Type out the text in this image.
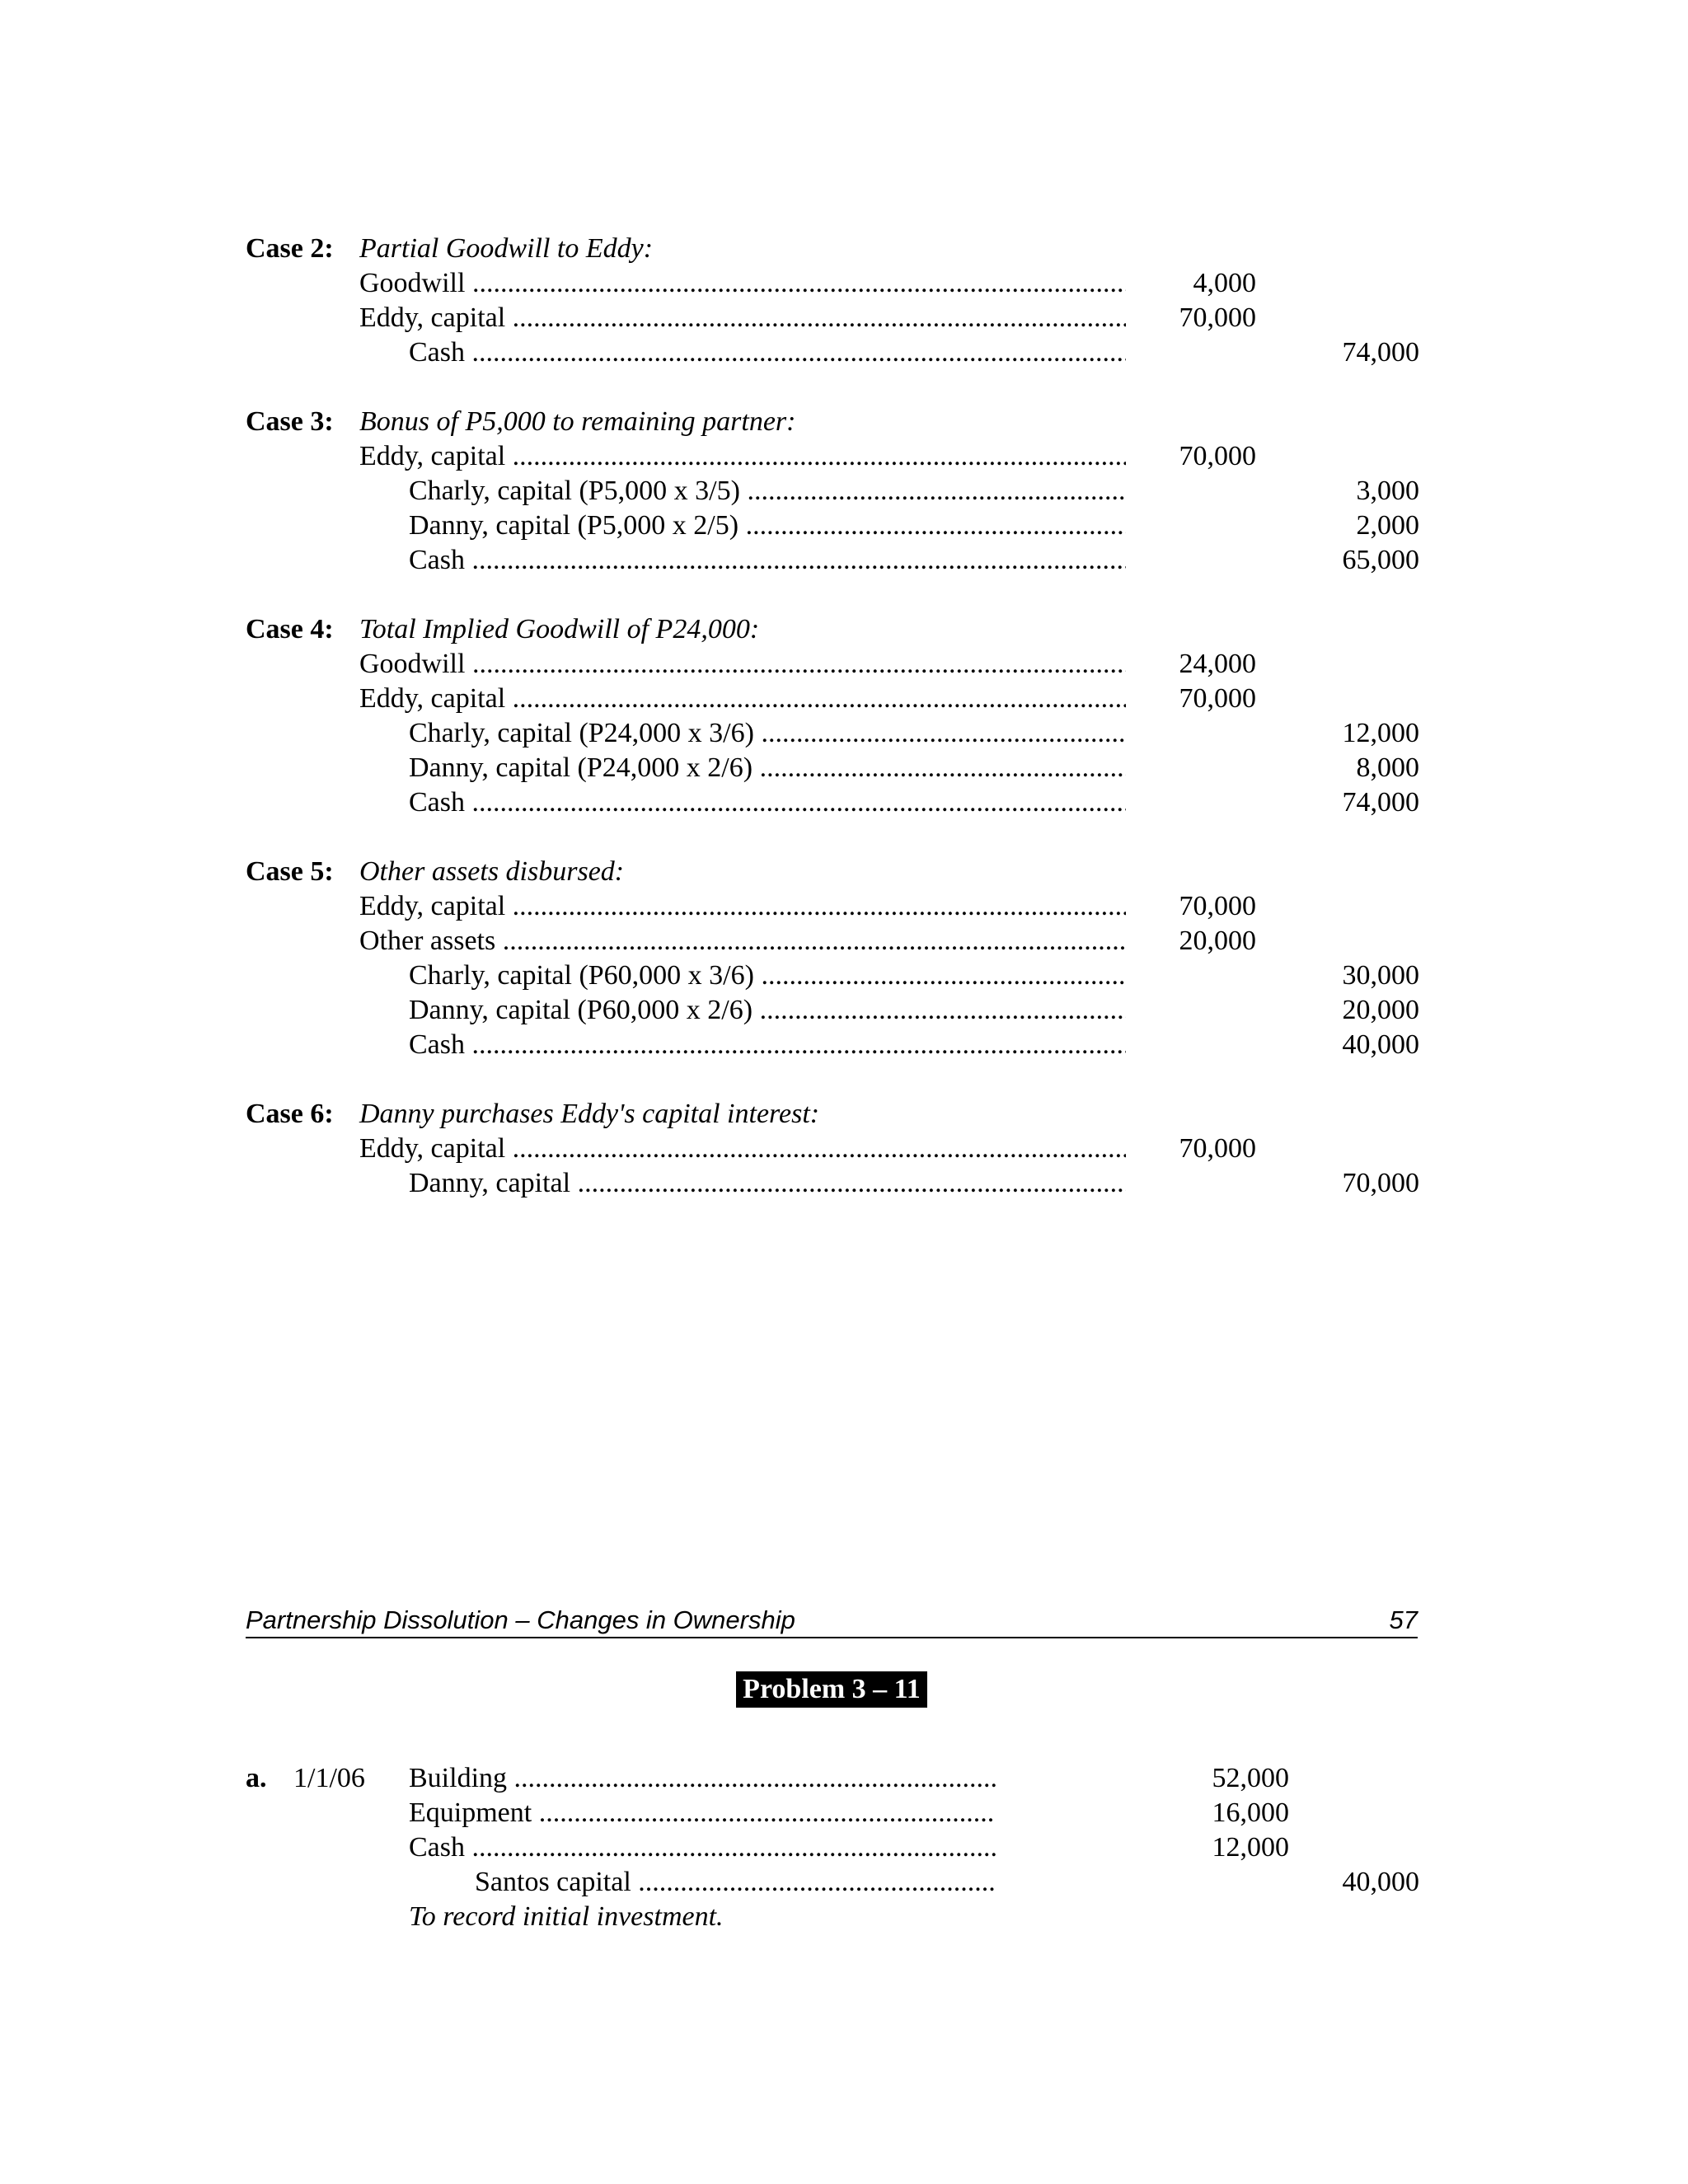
Case 2: Partial Goodwill to Eddy:
Goodwill .....	4,000
Eddy, capital .....	70,000
Cash .....	74,000
Case 3: Bonus of P5,000 to remaining partner:
Eddy, capital .....	70,000
Charly, capital (P5,000 x 3/5) .....	3,000
Danny, capital (P5,000 x 2/5) .....	2,000
Cash .....	65,000
Case 4: Total Implied Goodwill of P24,000:
Goodwill .....	24,000
Eddy, capital .....	70,000
Charly, capital (P24,000 x 3/6) .....	12,000
Danny, capital (P24,000 x 2/6) .....	8,000
Cash .....	74,000
Case 5: Other assets disbursed:
Eddy, capital .....	70,000
Other assets .....	20,000
Charly, capital (P60,000 x 3/6) .....	30,000
Danny, capital (P60,000 x 2/6) .....	20,000
Cash .....	40,000
Case 6: Danny purchases Eddy's capital interest:
Eddy, capital .....	70,000
Danny, capital .....	70,000
Partnership Dissolution – Changes in Ownership	57
Problem 3 – 11
a. 1/1/06 Building .....	52,000
Equipment .....	16,000
Cash .....	12,000
Santos capital .....	40,000
To record initial investment.
